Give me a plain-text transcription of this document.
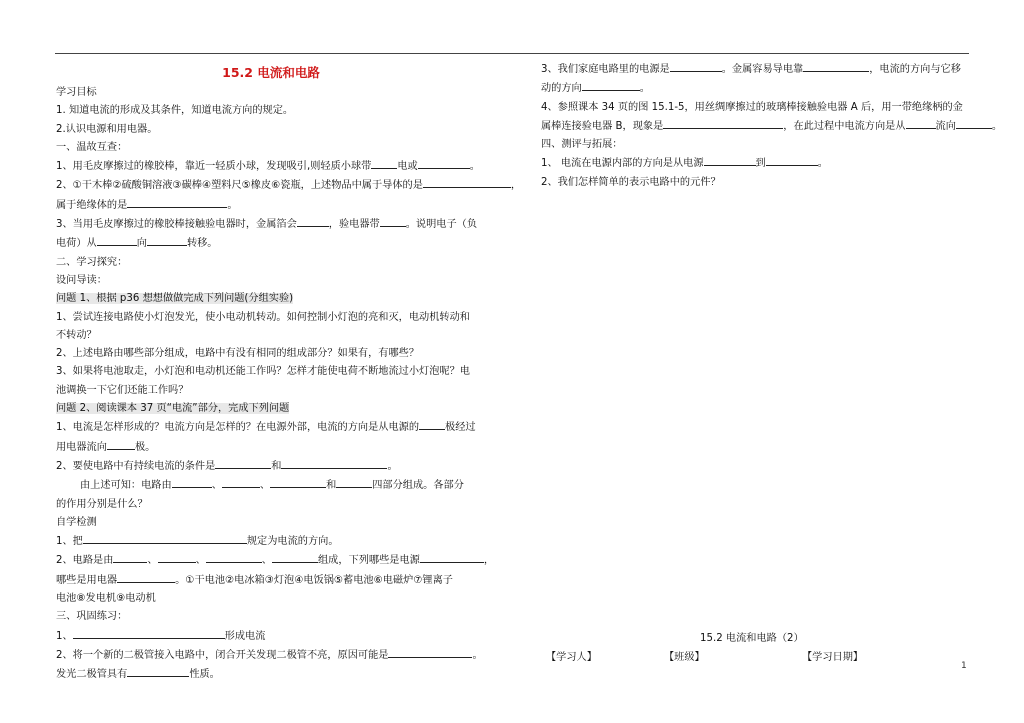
15.2 电流和电路
学习目标
1. 知道电流的形成及其条件，知道电流方向的规定。
2.认识电源和用电器。
一、温故互查：
1、用毛皮摩擦过的橡胶棒，靠近一轻质小球，发现吸引,则轻质小球带	电或	。
2、①干木棒②硫酸铜溶液③碳棒④塑料尺⑤橡皮⑥瓷瓶，上述物品中属于导体的是	，
属于绝缘体的是	。
3、当用毛皮摩擦过的橡胶棒接触验电器时，金属箔会	，验电器带	。说明电子（负
电荷）从	向	转移。
二、学习探究：
设问导读：
问题 1、根据 p36 想想做做完成下列问题(分组实验)
1、尝试连接电路使小灯泡发光，使小电动机转动。如何控制小灯泡的亮和灭，电动机转动和
不转动？
2、上述电路由哪些部分组成，电路中有没有相同的组成部分？如果有，有哪些？
3、如果将电池取走，小灯泡和电动机还能工作吗？怎样才能使电荷不断地流过小灯泡呢？电
池调换一下它们还能工作吗？
问题 2、阅读课本 37 页“电流”部分，完成下列问题
1、电流是怎样形成的？电流方向是怎样的？在电源外部，电流的方向是从电源的	极经过
用电器流向	极。
2、要使电路中有持续电流的条件是	和	。
由上述可知：电路由	、	、	和	四部分组成。各部分
的作用分别是什么？
自学检测
1、把	规定为电流的方向。
2、电路是由	、	、	、	组成，下列哪些是电源	，
哪些是用电器	。①干电池②电冰箱③灯泡④电饭锅⑤蓄电池⑥电磁炉⑦锂离子
电池⑧发电机⑨电动机
三、巩固练习：
1、	形成电流
2、将一个新的二极管接入电路中，闭合开关发现二极管不亮，原因可能是	。
发光二极管具有	性质。
3、我们家庭电路里的电源是	。金属容易导电靠	，电流的方向与它移
动的方向	。
4、参照课本 34 页的图 15.1-5，用丝绸摩擦过的玻璃棒接触验电器 A 后，用一带绝缘柄的金
属棒连接验电器 B，现象是	，在此过程中电流方向是从	流向	。
四、测评与拓展：
1、 电流在电源内部的方向是从电源	到	。
2、我们怎样简单的表示电路中的元件？
15.2 电流和电路（2）
【学习人】	【班级】	【学习日期】
1
